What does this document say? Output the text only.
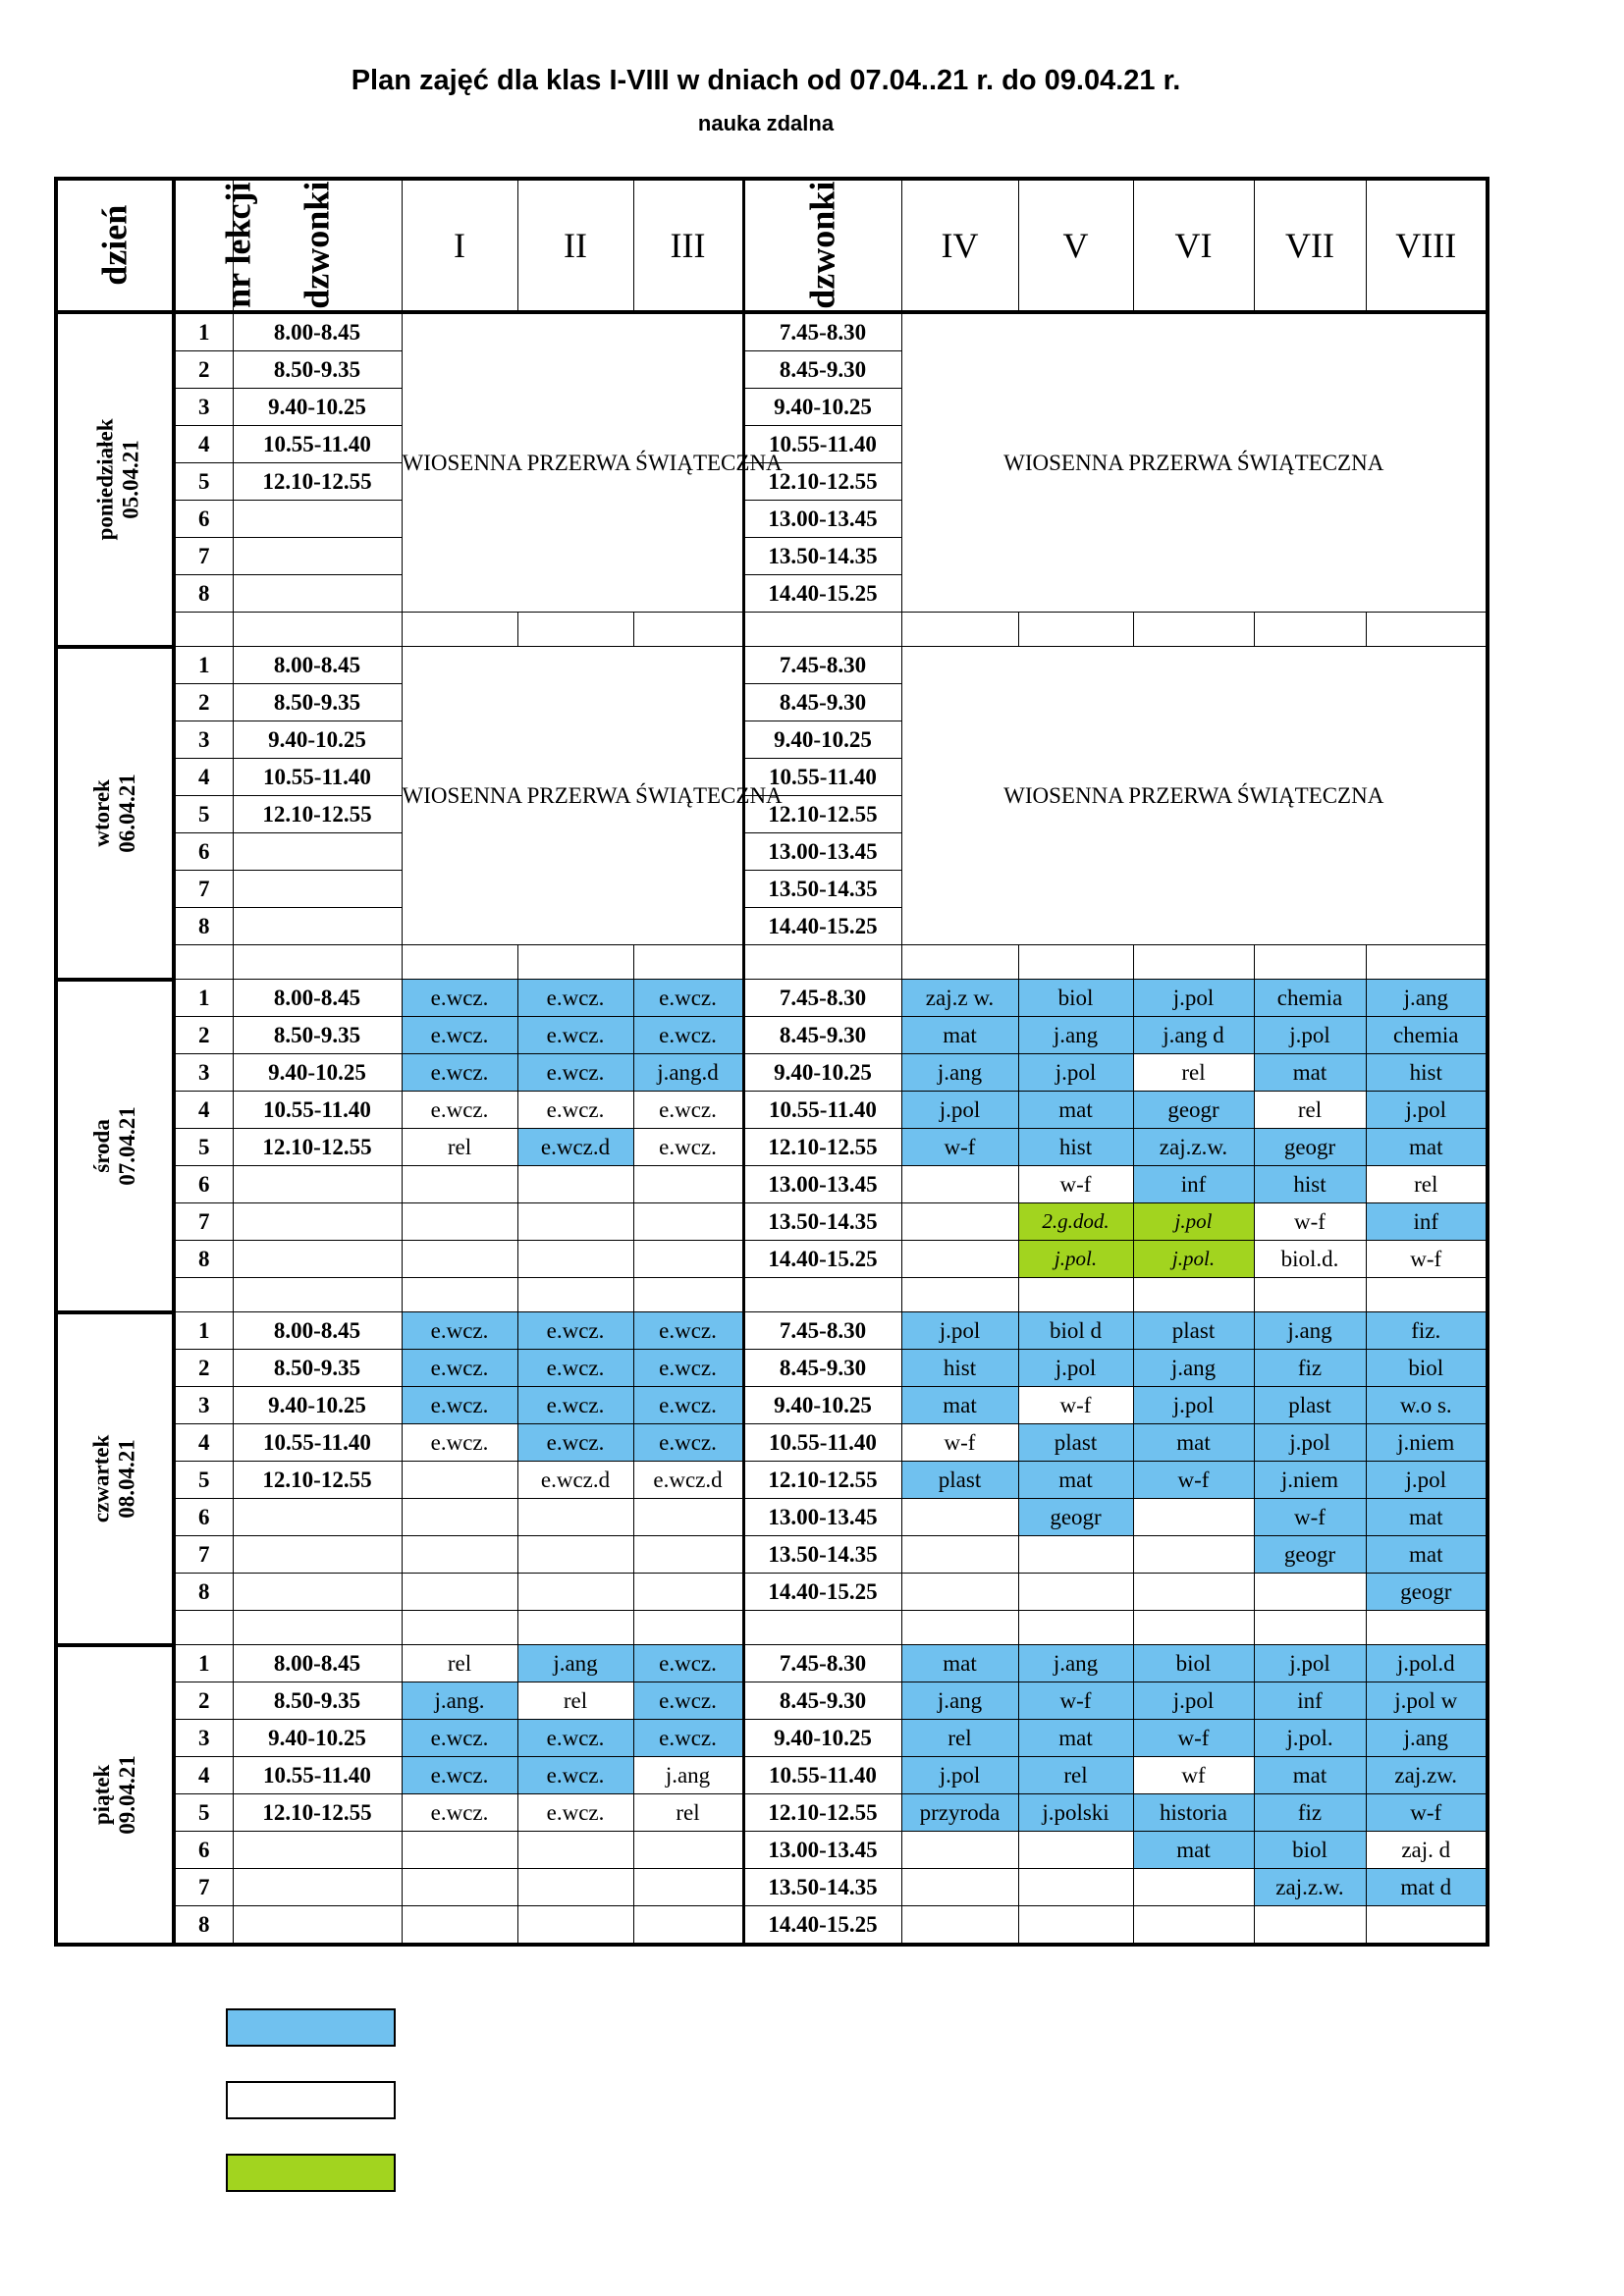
Plan zajęć dla klas I-VIII w dniach od 07.04..21 r. do 09.04.21 r.
nauka zdalna
dzień	nr lekcji	dzwonki	I	II	III	dzwonki	IV	V	VI	VII	VIII
poniedziałek
05.04.21	1	8.00-8.45	WIOSENNA PRZERWA ŚWIĄTECZNA			7.45-8.30	WIOSENNA PRZERWA ŚWIĄTECZNA				
	2	8.50-9.35				8.45-9.30					
	3	9.40-10.25				9.40-10.25					
	4	10.55-11.40				10.55-11.40					
	5	12.10-12.55				12.10-12.55					
	6					13.00-13.45					
	7					13.50-14.35					
	8					14.40-15.25					

wtorek
06.04.21	1	8.00-8.45	WIOSENNA PRZERWA ŚWIĄTECZNA			7.45-8.30	WIOSENNA PRZERWA ŚWIĄTECZNA				
	2	8.50-9.35				8.45-9.30					
	3	9.40-10.25				9.40-10.25					
	4	10.55-11.40				10.55-11.40					
	5	12.10-12.55				12.10-12.55					
	6					13.00-13.45					
	7					13.50-14.35					
	8					14.40-15.25					

środa
07.04.21	1	8.00-8.45	e.wcz.	e.wcz.	e.wcz.	7.45-8.30	zaj.z w.	biol	j.pol	chemia	j.ang
	2	8.50-9.35	e.wcz.	e.wcz.	e.wcz.	8.45-9.30	mat	j.ang	j.ang d	j.pol	chemia
	3	9.40-10.25	e.wcz.	e.wcz.	j.ang.d	9.40-10.25	j.ang	j.pol	rel	mat	hist
	4	10.55-11.40	e.wcz.	e.wcz.	e.wcz.	10.55-11.40	j.pol	mat	geogr	rel	j.pol
	5	12.10-12.55	rel	e.wcz.d	e.wcz.	12.10-12.55	w-f	hist	zaj.z.w.	geogr	mat
	6					13.00-13.45		w-f	inf	hist	rel
	7					13.50-14.35		2.g.dod.	j.pol	w-f	inf
	8					14.40-15.25		j.pol.	j.pol.	biol.d.	w-f

czwartek
08.04.21	1	8.00-8.45	e.wcz.	e.wcz.	e.wcz.	7.45-8.30	j.pol	biol d	plast	j.ang	fiz.
	2	8.50-9.35	e.wcz.	e.wcz.	e.wcz.	8.45-9.30	hist	j.pol	j.ang	fiz	biol
	3	9.40-10.25	e.wcz.	e.wcz.	e.wcz.	9.40-10.25	mat	w-f	j.pol	plast	w.o s.
	4	10.55-11.40	e.wcz.	e.wcz.	e.wcz.	10.55-11.40	w-f	plast	mat	j.pol	j.niem
	5	12.10-12.55		e.wcz.d	e.wcz.d	12.10-12.55	plast	mat	w-f	j.niem	j.pol
	6					13.00-13.45		geogr		w-f	mat
	7					13.50-14.35				geogr	mat
	8					14.40-15.25					geogr

piątek
09.04.21	1	8.00-8.45	rel	j.ang	e.wcz.	7.45-8.30	mat	j.ang	biol	j.pol	j.pol.d
	2	8.50-9.35	j.ang.	rel	e.wcz.	8.45-9.30	j.ang	w-f	j.pol	inf	j.pol w
	3	9.40-10.25	e.wcz.	e.wcz.	e.wcz.	9.40-10.25	rel	mat	w-f	j.pol.	j.ang
	4	10.55-11.40	e.wcz.	e.wcz.	j.ang	10.55-11.40	j.pol	rel	wf	mat	zaj.zw.
	5	12.10-12.55	e.wcz.	e.wcz.	rel	12.10-12.55	przyroda	j.polski	historia	fiz	w-f
	6					13.00-13.45			mat	biol	zaj. d
	7					13.50-14.35				zaj.z.w.	mat d
	8					14.40-15.25					
